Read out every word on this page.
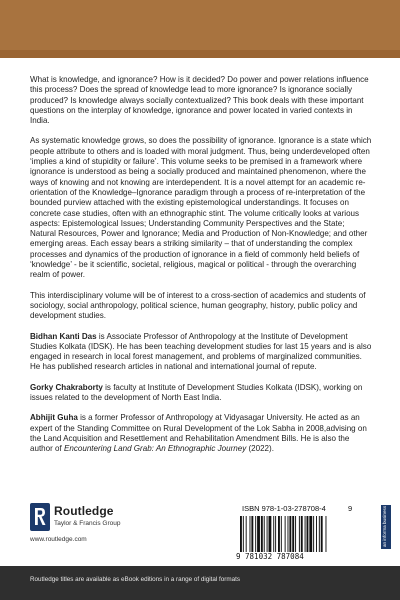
What is knowledge, and ignorance? How is it decided? Do power and power relations influence this process? Does the spread of knowledge lead to more ignorance? Is ignorance socially produced? Is knowledge always socially contextualized? This book deals with these important questions on the interplay of knowledge, ignorance and power located in varied contexts in India.

As systematic knowledge grows, so does the possibility of ignorance. Ignorance is a state which people attribute to others and is loaded with moral judgment. Thus, being underdeveloped often ‘implies a kind of stupidity or failure’. This volume seeks to be premised in a framework where ignorance is understood as being a socially produced and maintained phenomenon, where the ways of knowing and not knowing are interdependent. It is a novel attempt for an academic re-orientation of the Knowledge–Ignorance paradigm through a process of re-interpretation of the bounded purview attached with the existing epistemological understandings. It focuses on concrete case studies, often with an ethnographic stint. The volume critically looks at various aspects: Epistemological Issues; Understanding Community Perspectives and the State; Natural Resources, Power and Ignorance; Media and Production of Non-Knowledge; and other emerging areas. Each essay bears a striking similarity – that of understanding the complex processes and dynamics of the production of ignorance in a field of commonly held beliefs of ‘knowledge’ - be it scientific, societal, religious, magical or political - through the overarching realm of power.

This interdisciplinary volume will be of interest to a cross-section of academics and students of sociology, social anthropology, political science, human geography, history, public policy and development studies.

Bidhan Kanti Das is Associate Professor of Anthropology at the Institute of Development Studies Kolkata (IDSK). He has been teaching development studies for last 15 years and is also engaged in research in local forest management, and problems of marginalized communities. He has published research articles in national and international journal of repute.

Gorky Chakraborty is faculty at Institute of Development Studies Kolkata (IDSK), working on issues related to the development of North East India.

Abhijit Guha is a former Professor of Anthropology at Vidyasagar University. He acted as an expert of the Standing Committee on Rural Development of the Lok Sabha in 2008,advising on the Land Acquisition and Resettlement and Rehabilitation Amendment Bills. He is also the author of Encountering Land Grab: An Ethnographic Journey (2022).

Routledge
Taylor & Francis Group
www.routledge.com
ISBN 978-1-03-278708-4	9
9 781032 787084
an informa business
Routledge titles are available as eBook editions in a range of digital formats
